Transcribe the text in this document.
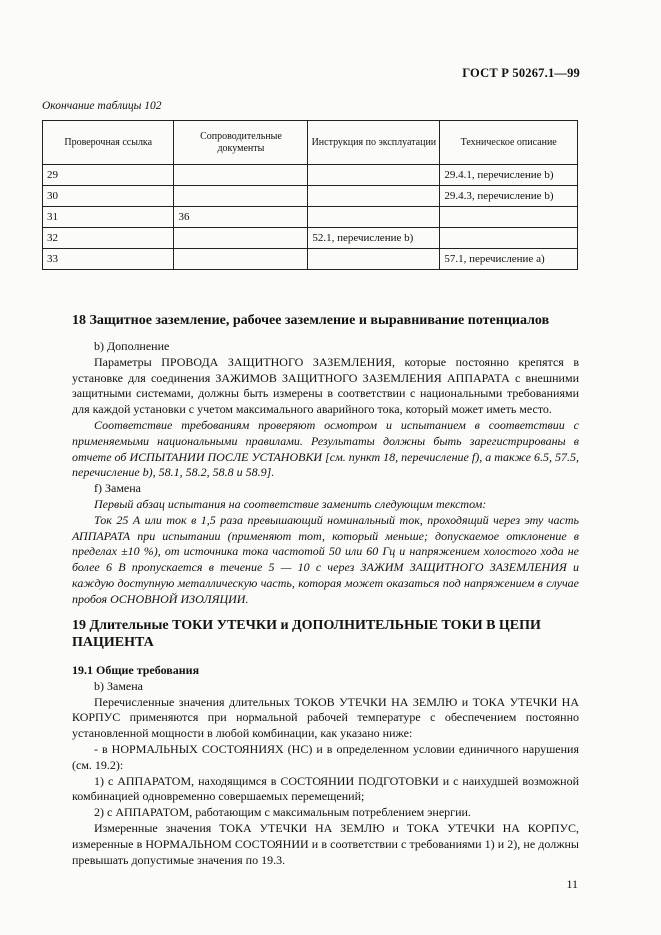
ГОСТ Р 50267.1—99
Окончание таблицы 102
Проверочная ссылка	Сопроводительные документы	Инструкция по эксплуатации	Техническое описание
29			29.4.1, перечисление b)
30			29.4.3, перечисление b)
31	36		
32		52.1, перечисление b)	
33			57.1, перечисление a)
18 Защитное заземление, рабочее заземление и выравнивание потенциалов

b) Дополнение

Параметры ПРОВОДА ЗАЩИТНОГО ЗАЗЕМЛЕНИЯ, которые постоянно крепятся в установке для соединения ЗАЖИМОВ ЗАЩИТНОГО ЗАЗЕМЛЕНИЯ АППАРАТА с внешними защитными системами, должны быть измерены в соответствии с национальными требованиями для каждой установки с учетом максимального аварийного тока, который может иметь место.

Соответствие требованиям проверяют осмотром и испытанием в соответствии с применяемыми национальными правилами. Результаты должны быть зарегистрированы в отчете об ИСПЫТАНИИ ПОСЛЕ УСТАНОВКИ [см. пункт 18, перечисление f), а также 6.5, 57.5, перечисление b), 58.1, 58.2, 58.8 и 58.9].

f) Замена

Первый абзац испытания на соответствие заменить следующим текстом:

Ток 25 А или ток в 1,5 раза превышающий номинальный ток, проходящий через эту часть АППАРАТА при испытании (применяют тот, который меньше; допускаемое отклонение в пределах ±10 %), от источника тока частотой 50 или 60 Гц и напряжением холостого хода не более 6 В пропускается в течение 5 — 10 с через ЗАЖИМ ЗАЩИТНОГО ЗАЗЕМЛЕНИЯ и каждую доступную металлическую часть, которая может оказаться под напряжением в случае пробоя ОСНОВНОЙ ИЗОЛЯЦИИ.

19 Длительные ТОКИ УТЕЧКИ и ДОПОЛНИТЕЛЬНЫЕ ТОКИ В ЦЕПИ ПАЦИЕНТА

19.1 Общие требования

b) Замена

Перечисленные значения длительных ТОКОВ УТЕЧКИ НА ЗЕМЛЮ и ТОКА УТЕЧКИ НА КОРПУС применяются при нормальной рабочей температуре с обеспечением постоянно установленной мощности в любой комбинации, как указано ниже:

- в НОРМАЛЬНЫХ СОСТОЯНИЯХ (НС) и в определенном условии единичного нарушения (см. 19.2):

1) с АППАРАТОМ, находящимся в СОСТОЯНИИ ПОДГОТОВКИ и с наихудшей возможной комбинацией одновременно совершаемых перемещений;

2) с АППАРАТОМ, работающим с максимальным потреблением энергии.

Измеренные значения ТОКА УТЕЧКИ НА ЗЕМЛЮ и ТОКА УТЕЧКИ НА КОРПУС, измеренные в НОРМАЛЬНОМ СОСТОЯНИИ и в соответствии с требованиями 1) и 2), не должны превышать допустимые значения по 19.3.

11
